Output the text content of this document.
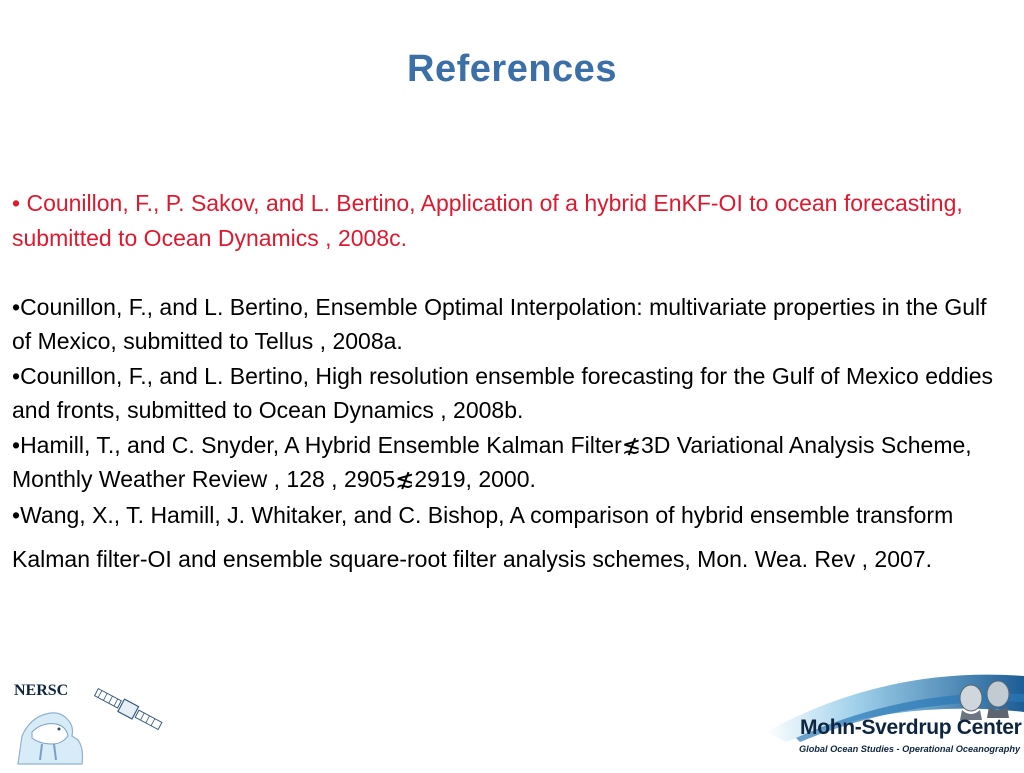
References

• Counillon, F., P. Sakov, and L. Bertino, Application of a hybrid EnKF-OI to ocean forecasting, submitted to Ocean Dynamics , 2008c.

•Counillon, F., and L. Bertino, Ensemble Optimal Interpolation: multivariate properties in the Gulf of Mexico, submitted to Tellus , 2008a.

•Counillon, F., and L. Bertino, High resolution ensemble forecasting for the Gulf of Mexico eddies and fronts, submitted to Ocean Dynamics , 2008b.

•Hamill, T., and C. Snyder, A Hybrid Ensemble Kalman Filter≴3D Variational Analysis Scheme, Monthly Weather Review , 128 , 2905≴2919, 2000.

•Wang, X., T. Hamill, J. Whitaker, and C. Bishop, A comparison of hybrid ensemble transform Kalman filter-OI and ensemble square-root filter analysis schemes, Mon. Wea. Rev , 2007.

NERSC
Mohn-Sverdrup Center
Global Ocean Studies - Operational Oceanography
